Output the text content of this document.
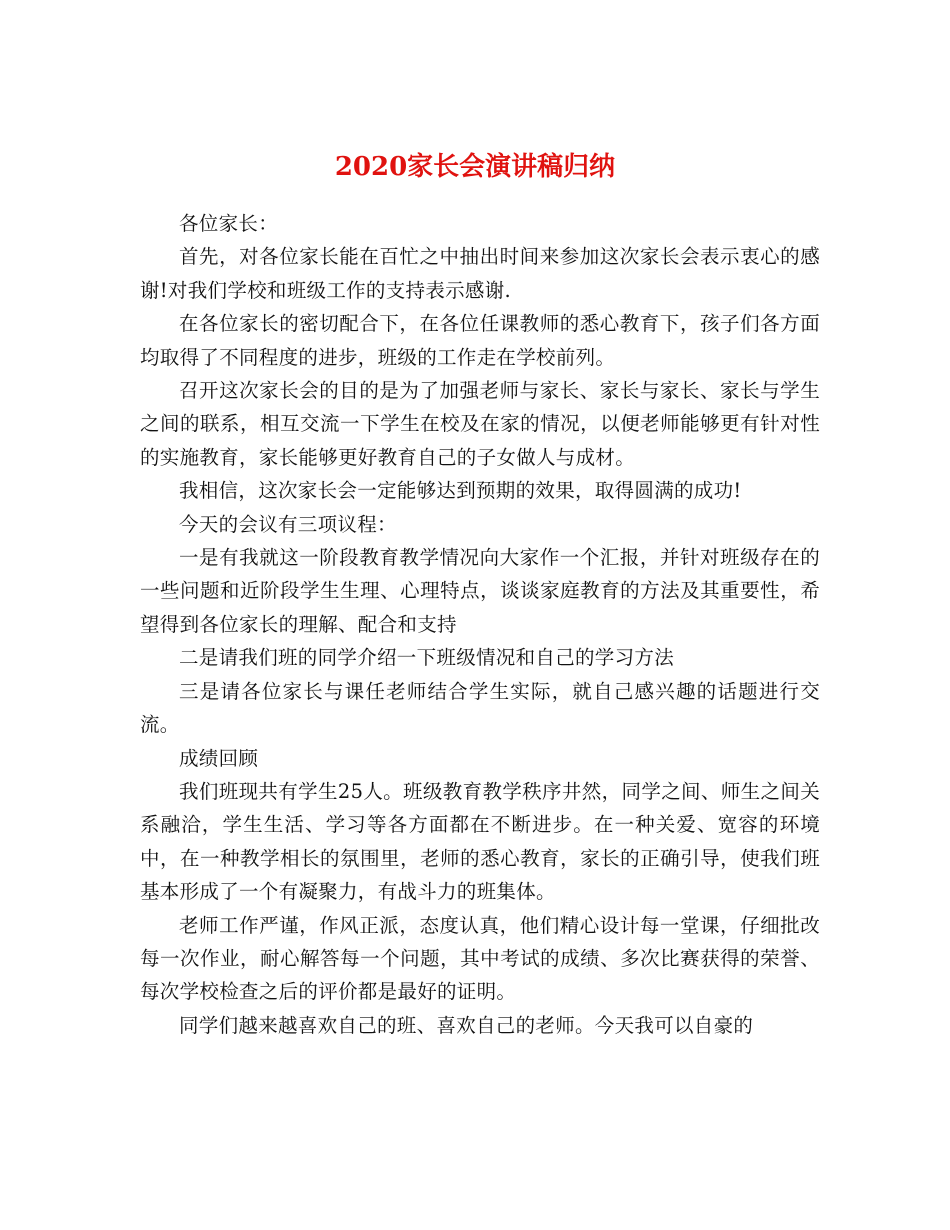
2020家长会演讲稿归纳

各位家长：

首先，对各位家长能在百忙之中抽出时间来参加这次家长会表示衷心的感谢!对我们学校和班级工作的支持表示感谢.

在各位家长的密切配合下，在各位任课教师的悉心教育下，孩子们各方面均取得了不同程度的进步，班级的工作走在学校前列。

召开这次家长会的目的是为了加强老师与家长、家长与家长、家长与学生之间的联系，相互交流一下学生在校及在家的情况，以便老师能够更有针对性的实施教育，家长能够更好教育自己的子女做人与成材。

我相信，这次家长会一定能够达到预期的效果，取得圆满的成功!

今天的会议有三项议程：

一是有我就这一阶段教育教学情况向大家作一个汇报，并针对班级存在的一些问题和近阶段学生生理、心理特点，谈谈家庭教育的方法及其重要性，希望得到各位家长的理解、配合和支持

二是请我们班的同学介绍一下班级情况和自己的学习方法

三是请各位家长与课任老师结合学生实际，就自己感兴趣的话题进行交流。

成绩回顾

我们班现共有学生25人。班级教育教学秩序井然，同学之间、师生之间关系融洽，学生生活、学习等各方面都在不断进步。在一种关爱、宽容的环境中，在一种教学相长的氛围里，老师的悉心教育，家长的正确引导，使我们班基本形成了一个有凝聚力，有战斗力的班集体。

老师工作严谨，作风正派，态度认真，他们精心设计每一堂课，仔细批改每一次作业，耐心解答每一个问题，其中考试的成绩、多次比赛获得的荣誉、每次学校检查之后的评价都是最好的证明。

同学们越来越喜欢自己的班、喜欢自己的老师。今天我可以自豪的
